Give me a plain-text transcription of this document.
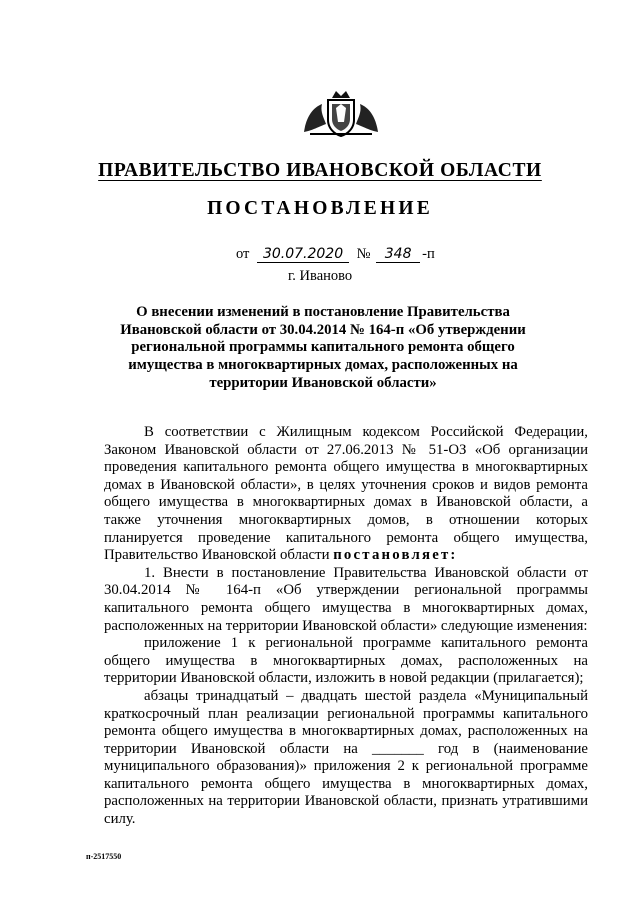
ПРАВИТЕЛЬСТВО ИВАНОВСКОЙ ОБЛАСТИ
ПОСТАНОВЛЕНИЕ
от 30.07.2020 № 348 -п
г. Иваново
О внесении изменений в постановление Правительства Ивановской области от 30.04.2014 № 164-п «Об утверждении региональной программы капитального ремонта общего имущества в многоквартирных домах, расположенных на территории Ивановской области»

В соответствии с Жилищным кодексом Российской Федерации, Законом Ивановской области от 27.06.2013 № 51-ОЗ «Об организации проведения капитального ремонта общего имущества в многоквартирных домах в Ивановской области», в целях уточнения сроков и видов ремонта общего имущества в многоквартирных домах в Ивановской области, а также уточнения многоквартирных домов, в отношении которых планируется проведение капитального ремонта общего имущества, Правительство Ивановской области постановляет:

1. Внести в постановление Правительства Ивановской области от 30.04.2014 № 164-п «Об утверждении региональной программы капитального ремонта общего имущества в многоквартирных домах, расположенных на территории Ивановской области» следующие изменения:

приложение 1 к региональной программе капитального ремонта общего имущества в многоквартирных домах, расположенных на территории Ивановской области, изложить в новой редакции (прилагается);

абзацы тринадцатый – двадцать шестой раздела «Муниципальный краткосрочный план реализации региональной программы капитального ремонта общего имущества в многоквартирных домах, расположенных на территории Ивановской области на _______ год в (наименование муниципального образования)» приложения 2 к региональной программе капитального ремонта общего имущества в многоквартирных домах, расположенных на территории Ивановской области, признать утратившими силу.

п-2517550
